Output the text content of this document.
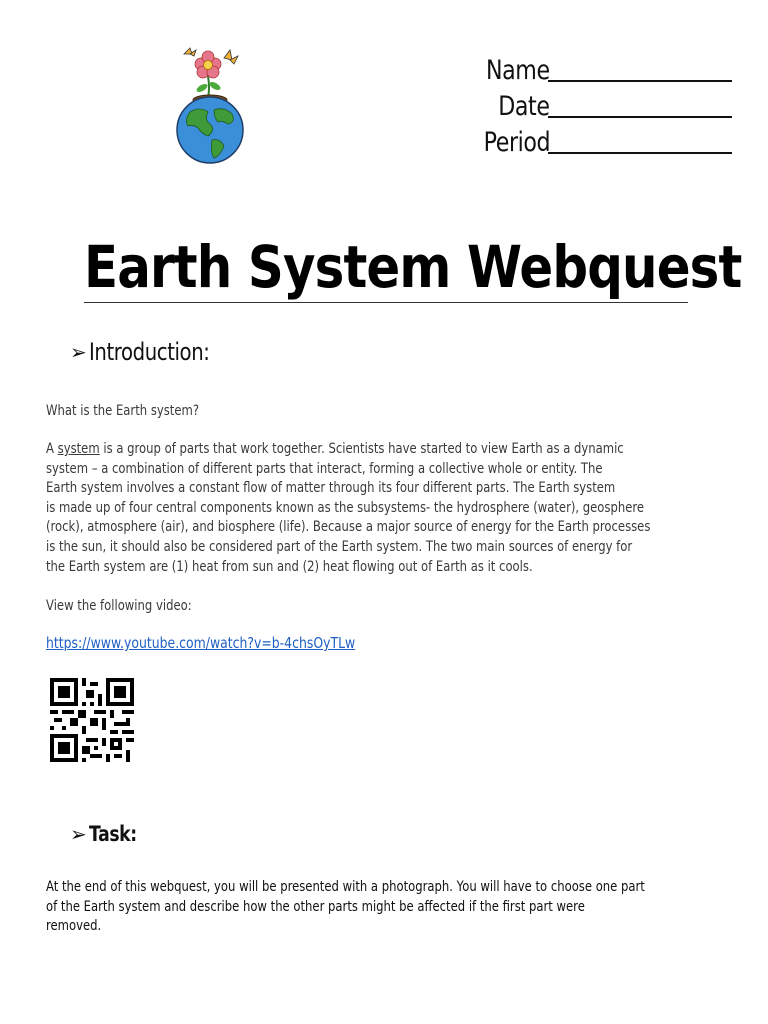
Name
Date
Period
Earth System Webquest
➢ Introduction:
What is the Earth system?
A system is a group of parts that work together. Scientists have started to view Earth as a dynamic
system – a combination of different parts that interact, forming a collective whole or entity. The
Earth system involves a constant flow of matter through its four different parts. The Earth system
is made up of four central components known as the subsystems- the hydrosphere (water), geosphere
(rock), atmosphere (air), and biosphere (life). Because a major source of energy for the Earth processes
is the sun, it should also be considered part of the Earth system. The two main sources of energy for
the Earth system are (1) heat from sun and (2) heat flowing out of Earth as it cools.
View the following video:
https://www.youtube.com/watch?v=b-4chsOyTLw
➢ Task:
At the end of this webquest, you will be presented with a photograph. You will have to choose one part
of the Earth system and describe how the other parts might be affected if the first part were
removed.
